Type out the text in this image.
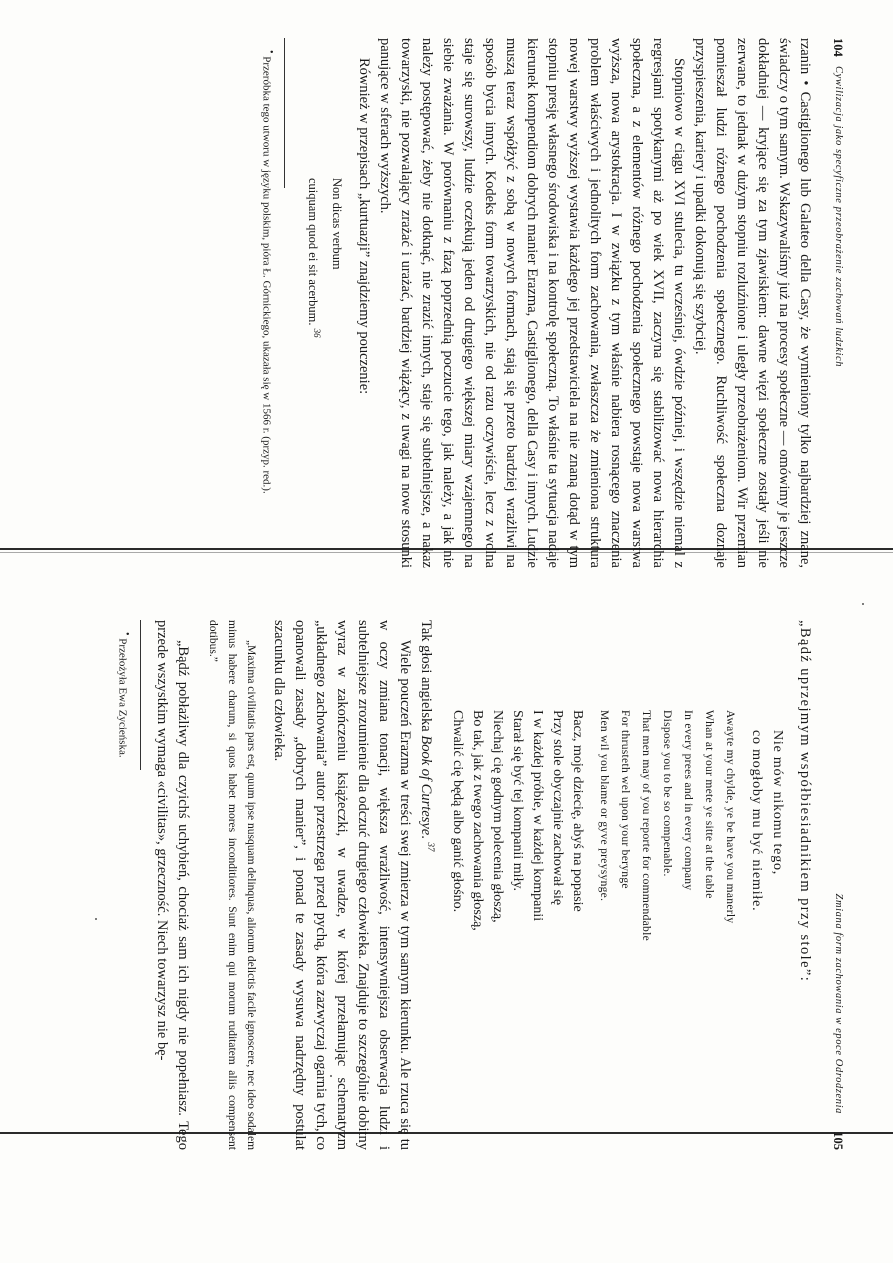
104
Cywilizacja jako specyficzne przeobrażenie zachowań ludzkich

rzanin • Castiglionego lub Galateo della Casy, że wymieniony tylko najbardziej znane, świadczy o tym samym. Wskazywaliśmy już na procesy społeczne — omówimy je jeszcze dokładniej — kryjące się za tym zjawiskiem: dawne więzi społeczne zostały jeśli nie zerwane, to jednak w dużym stopniu rozluźnione i uległy przeobrażeniom. Wir przemian pomieszał ludzi różnego pochodzenia społecznego. Ruchliwość społeczna doznaje przyspieszenia, kariery i upadki dokonują się szybciej.

Stopniowo w ciągu XVI stulecia, tu wcześniej, ówdzie później, i wszędzie niemal z regresjami spotykanymi aż po wiek XVII, zaczyna się stabilizować nowa hierarchia społeczna, a z elementów różnego pochodzenia społecznego powstaje nowa warstwa wyższa, nowa arystokracja. I w związku z tym właśnie nabiera rosnącego znaczenia problem właściwych i jednolitych form zachowania, zwłaszcza że zmieniona struktura nowej warstwy wyższej wystawia każdego jej przedstawiciela na nie znaną dotąd w tym stopniu presję własnego środowiska i na kontrolę społeczną. To właśnie ta sytuacja nadaje kierunek kompendiom dobrych manier Erazma, Castiglionego, della Casy i innych. Ludzie muszą teraz współżyć z sobą w nowych formach, stają się przeto bardziej wrażliwi na sposób bycia innych. Kodeks form towarzyskich, nie od razu oczywiście, lecz z wolna staje się surowszy, ludzie oczekują jeden od drugiego większej miary wzajemnego na siebie zważania. W porównaniu z fazą poprzednią poczucie tego, jak należy, a jak nie należy postępować, żeby nie dotknąć, nie zrazić innych, staje się subtelniejsze, a nakaz towarzyski, nie pozwalający zrażać i urażać, bardziej wiążący, z uwagi na nowe stosunki panujące w sferach wyższych.

Również w przepisach „kurtuazji” znajdziemy pouczenie:

Non dicas verbum
cuiquam quod ei sit acerbum. $^{36}$

• Przeróbka tego utworu w języku polskim, pióra Ł. Górnickiego, ukazała się w 1566 r. (przyp. red.).

Zmiana form zachowania w epoce Odrodzenia
105

„Bądź uprzejmym współbiesiadnikiem przy stole”:

Nie mów nikomu tego,
co mogłoby mu być niemiłe.
Awayte my chylde, ye be have you manerly
Whan at your mete ye sitte at the table
In every prees and in every company
Dispose you to be so compenable.
That men may of you reporte for commendable
For thrusteth wel upon your berynge
Men wil you blame or gyve preysynge.
Bacz, moje dziecię, abyś na popasie
Przy stole obyczajnie zachował się
I w każdej próbie, w każdej kompanii
Starał się być tej kompanii miły.
Niechaj cię godnym polecenia głoszą,
Bo tak, jak z twego zachowania głoszą,
Chwalić cię będą albo ganić głośno.

Tak głosi angielska Book of Curtesye. $^{37}$

Wiele pouczeń Erazma w treści swej zmierza w tym samym kierunku. Ale rzuca się tu w oczy zmiana tonacji, większa wrażliwość, intensywniejsza obserwacja ludzi i subtelniejsze zrozumienie dla odczuć drugiego człowieka. Znajduje to szczególnie dobitny wyraz w zakończeniu książeczki, w uwadze, w której przełamując schematyzm „układnego zachowania” autor przestrzega przed pychą, która zazwyczaj ogarnia tych, co opanowali zasady „dobrych manier”, i ponad te zasady wysuwa nadrzędny postulat szacunku dla człowieka.

„Maxima civilitatis pars est, quum ipse nusquam delinquas, aliorum delictis facile ignoscere, nec ideo sodalem minus habere charum, si quos habet mores inconditiores. Sunt enim qui morum ruditatem aliis compensent dotibus.”

„Bądź pobłażliwy dla czyichś uchybień, chociaż sam ich nigdy nie popełniasz. Tego przede wszystkim wymaga «civilitas», grzeczność. Niech towarzysz nie bę-

• Przełożyła Ewa Zycieńska.
